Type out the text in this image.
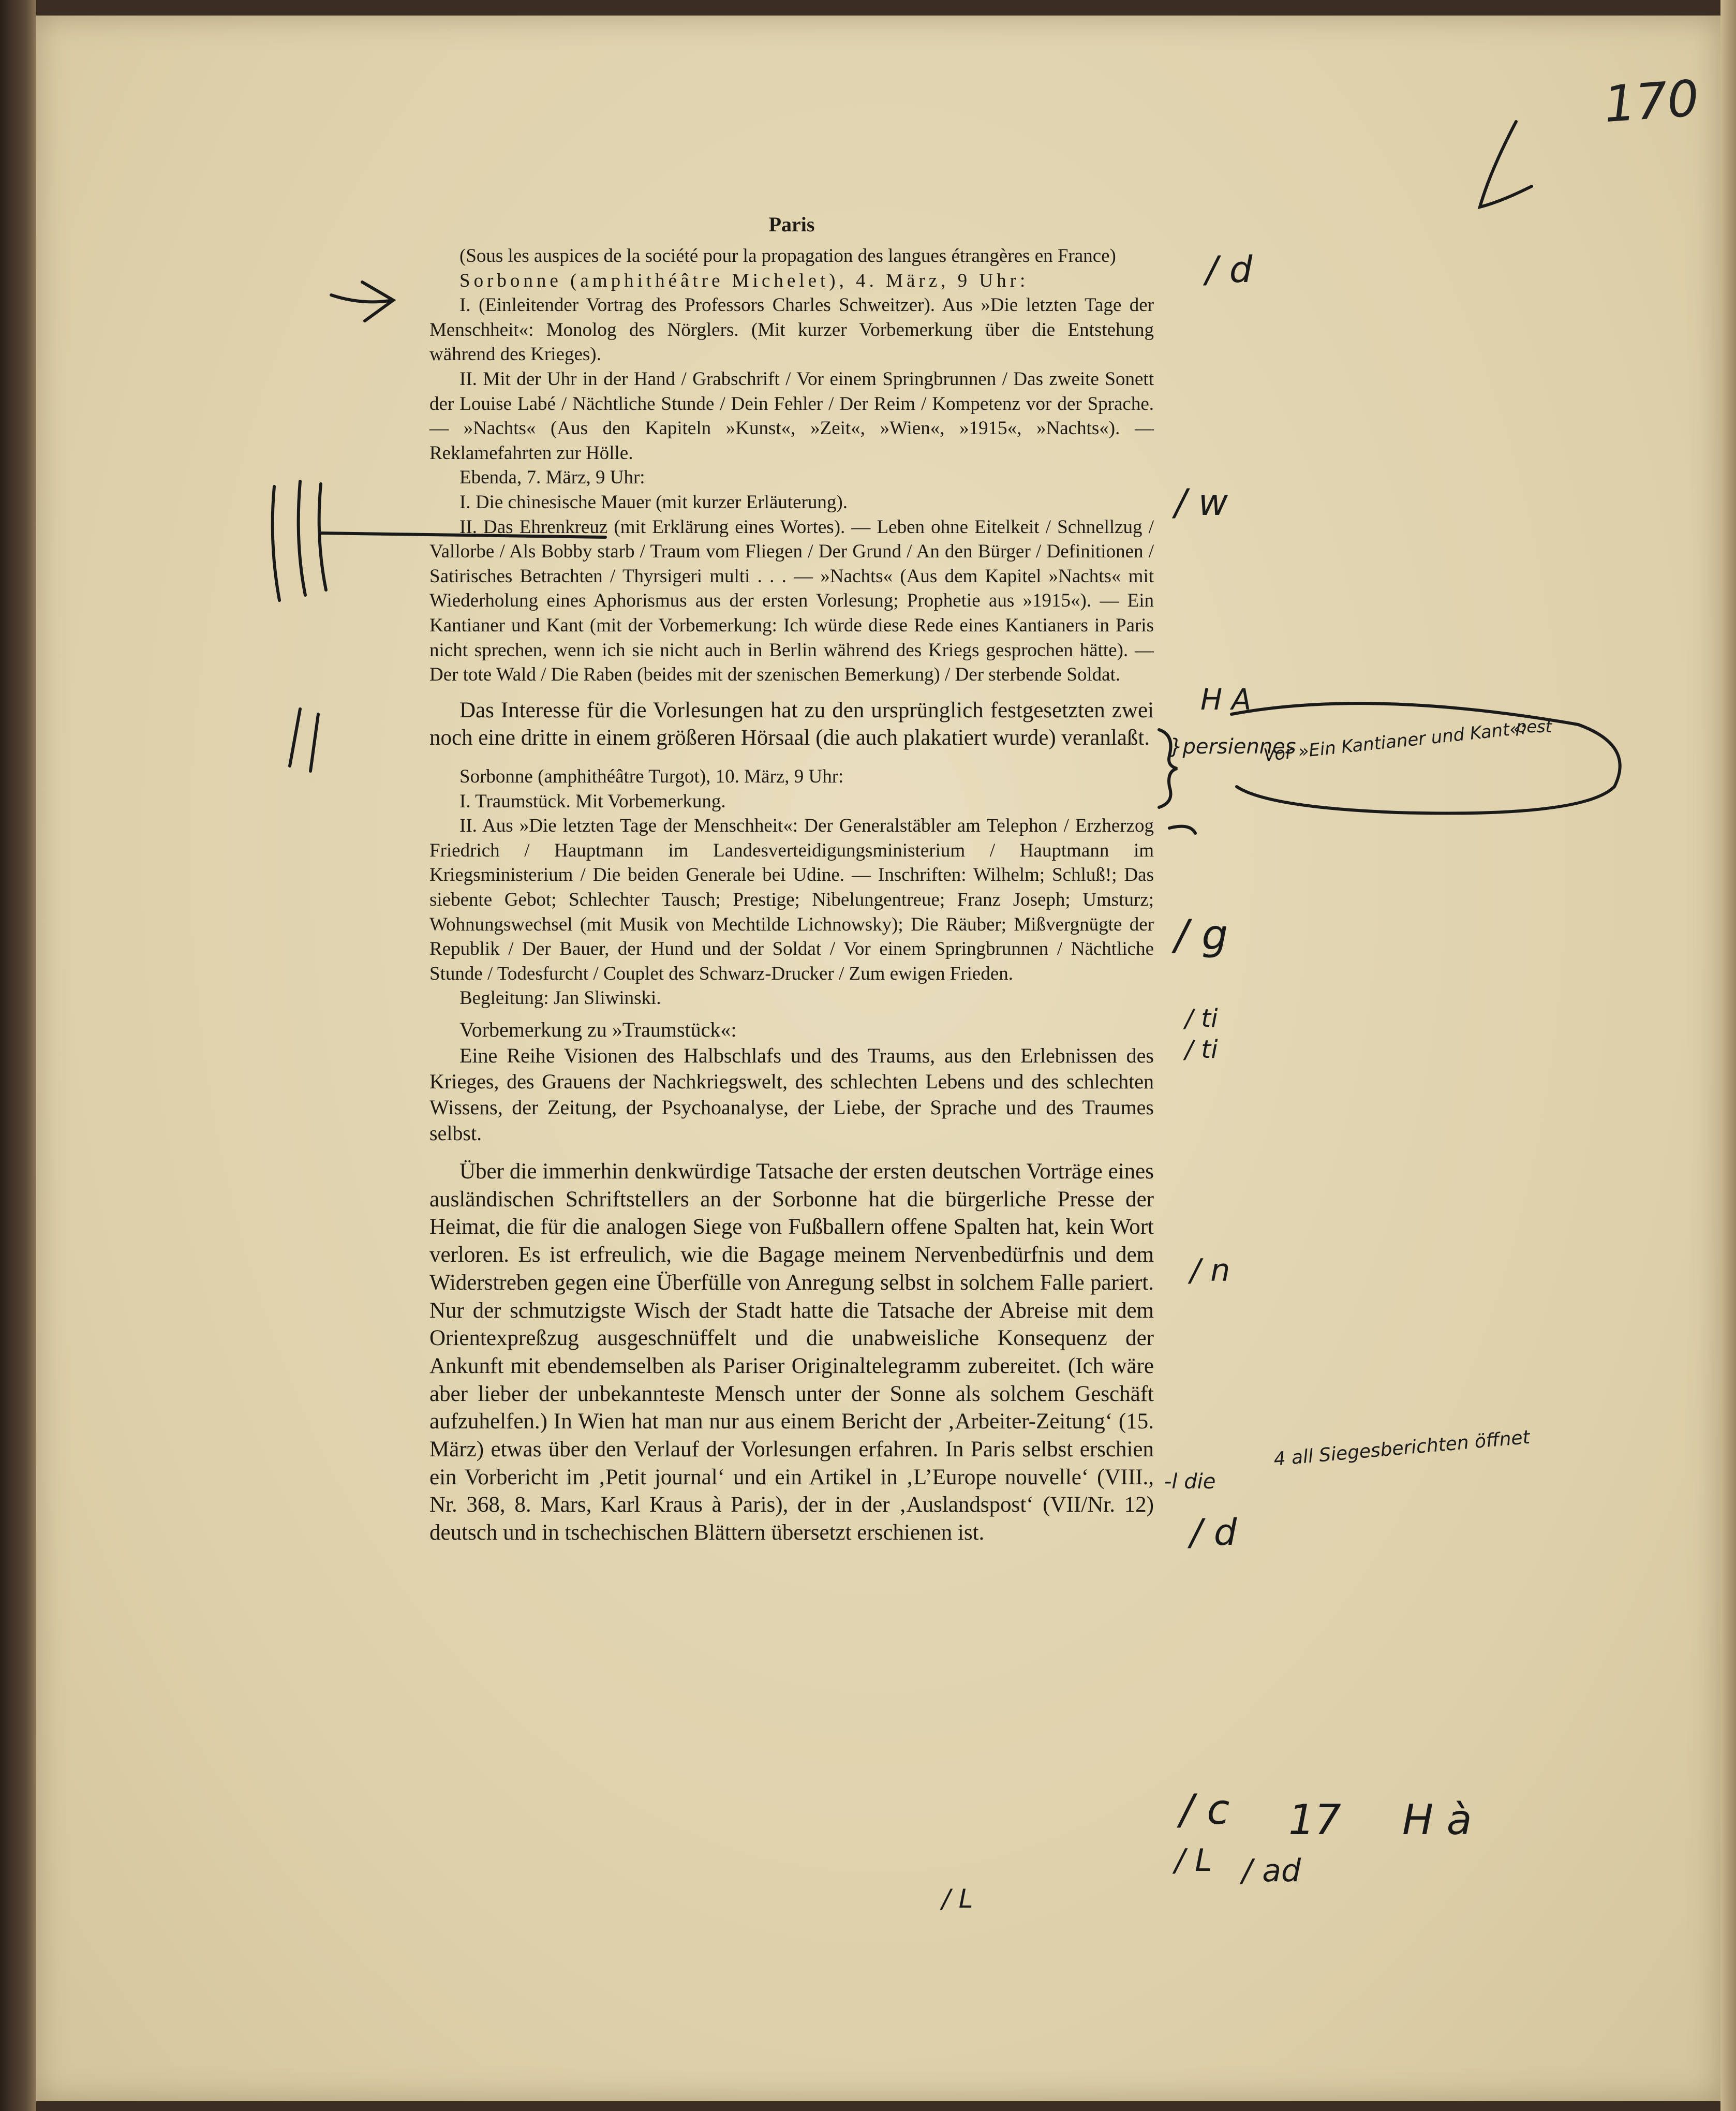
170
/ d
/ w
H A
}persiennes
Vor »Ein Kantianer und Kant«:
pest
/ g
/ ti
/ ti
/ n
-l die
4 all Siegesberichten öffnet
/ d
/ c 17 H à
/ L
/ L
/ ad
Paris

(Sous les auspices de la société pour la propagation des langues étrangères en France)

Sorbonne (amphithéâtre Michelet), 4. März, 9 Uhr:

I. (Einleitender Vortrag des Professors Charles Schweitzer). Aus »Die letzten Tage der Menschheit«: Monolog des Nörglers. (Mit kurzer Vorbemerkung über die Entstehung während des Krieges).

II. Mit der Uhr in der Hand / Grabschrift / Vor einem Springbrunnen / Das zweite Sonett der Louise Labé / Nächtliche Stunde / Dein Fehler / Der Reim / Kompetenz vor der Sprache. — »Nachts« (Aus den Kapiteln »Kunst«, »Zeit«, »Wien«, »1915«, »Nachts«). — Reklamefahrten zur Hölle.

Ebenda, 7. März, 9 Uhr:

I. Die chinesische Mauer (mit kurzer Erläuterung).

II. Das Ehrenkreuz (mit Erklärung eines Wortes). — Leben ohne Eitelkeit / Schnellzug / Vallorbe / Als Bobby starb / Traum vom Fliegen / Der Grund / An den Bürger / Definitionen / Satirisches Betrachten / Thyrsigeri multi . . . — »Nachts« (Aus dem Kapitel »Nachts« mit Wiederholung eines Aphorismus aus der ersten Vorlesung; Prophetie aus »1915«). — Ein Kantianer und Kant (mit der Vorbemerkung: Ich würde diese Rede eines Kantianers in Paris nicht sprechen, wenn ich sie nicht auch in Berlin während des Kriegs gesprochen hätte). — Der tote Wald / Die Raben (beides mit der szenischen Bemerkung) / Der sterbende Soldat.

Das Interesse für die Vorlesungen hat zu den ursprünglich festgesetzten zwei noch eine dritte in einem größeren Hörsaal (die auch plakatiert wurde) veranlaßt.

Sorbonne (amphithéâtre Turgot), 10. März, 9 Uhr:

I. Traumstück. Mit Vorbemerkung.

II. Aus »Die letzten Tage der Menschheit«: Der Generalstäbler am Telephon / Erzherzog Friedrich / Hauptmann im Landesverteidigungsministerium / Hauptmann im Kriegsministerium / Die beiden Generale bei Udine. — Inschriften: Wilhelm; Schluß!; Das siebente Gebot; Schlechter Tausch; Prestige; Nibelungentreue; Franz Joseph; Umsturz; Wohnungswechsel (mit Musik von Mechtilde Lichnowsky); Die Räuber; Mißvergnügte der Republik / Der Bauer, der Hund und der Soldat / Vor einem Springbrunnen / Nächtliche Stunde / Todesfurcht / Couplet des Schwarz-Drucker / Zum ewigen Frieden.

Begleitung: Jan Sliwinski.

Vorbemerkung zu »Traumstück«:

Eine Reihe Visionen des Halbschlafs und des Traums, aus den Erlebnissen des Krieges, des Grauens der Nachkriegswelt, des schlechten Lebens und des schlechten Wissens, der Zeitung, der Psychoanalyse, der Liebe, der Sprache und des Traumes selbst.

Über die immerhin denkwürdige Tatsache der ersten deutschen Vorträge eines ausländischen Schriftstellers an der Sorbonne hat die bürgerliche Presse der Heimat, die für die analogen Siege von Fußballern offene Spalten hat, kein Wort verloren. Es ist erfreulich, wie die Bagage meinem Nervenbedürfnis und dem Widerstreben gegen eine Überfülle von Anregung selbst in solchem Falle pariert. Nur der schmutzigste Wisch der Stadt hatte die Tatsache der Abreise mit dem Orientexpreßzug ausgeschnüffelt und die unabweisliche Konsequenz der Ankunft mit ebendemselben als Pariser Originaltelegramm zubereitet. (Ich wäre aber lieber der unbekannteste Mensch unter der Sonne als solchem Geschäft aufzuhelfen.) In Wien hat man nur aus einem Bericht der ‚Arbeiter-Zeitung‘ (15. März) etwas über den Verlauf der Vorlesungen erfahren. In Paris selbst erschien ein Vorbericht im ‚Petit journal‘ und ein Artikel in ‚L’Europe nouvelle‘ (VIII., Nr. 368, 8. Mars, Karl Kraus à Paris), der in der ‚Auslandspost‘ (VII/Nr. 12) deutsch und in tschechischen Blättern übersetzt erschienen ist.
